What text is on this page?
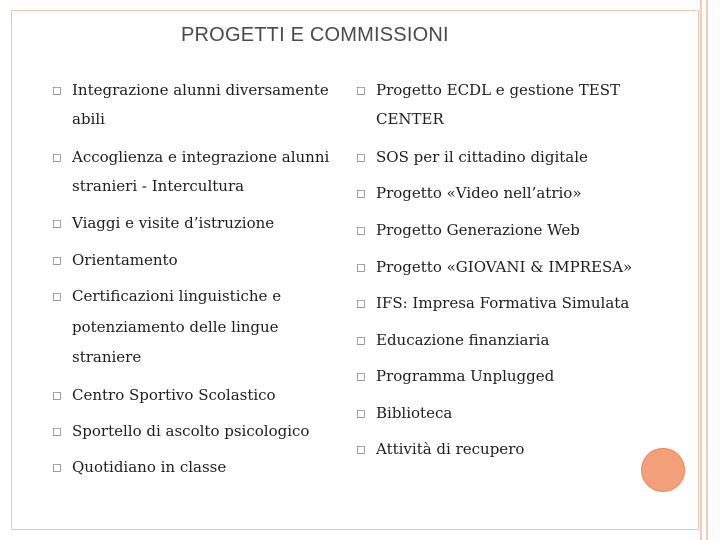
PROGETTI E COMMISSIONI
◻ Integrazione alunni diversamente
abili
◻ Accoglienza e integrazione alunni
stranieri - Intercultura
◻ Viaggi e visite d’istruzione
◻ Orientamento
◻ Certificazioni linguistiche e
potenziamento delle lingue
straniere
◻ Centro Sportivo Scolastico
◻ Sportello di ascolto psicologico
◻ Quotidiano in classe
◻ Progetto ECDL e gestione TEST
CENTER
◻ SOS per il cittadino digitale
◻ Progetto «Video nell’atrio»
◻ Progetto Generazione Web
◻ Progetto «GIOVANI & IMPRESA»
◻ IFS: Impresa Formativa Simulata
◻ Educazione finanziaria
◻ Programma Unplugged
◻ Biblioteca
◻ Attività di recupero
